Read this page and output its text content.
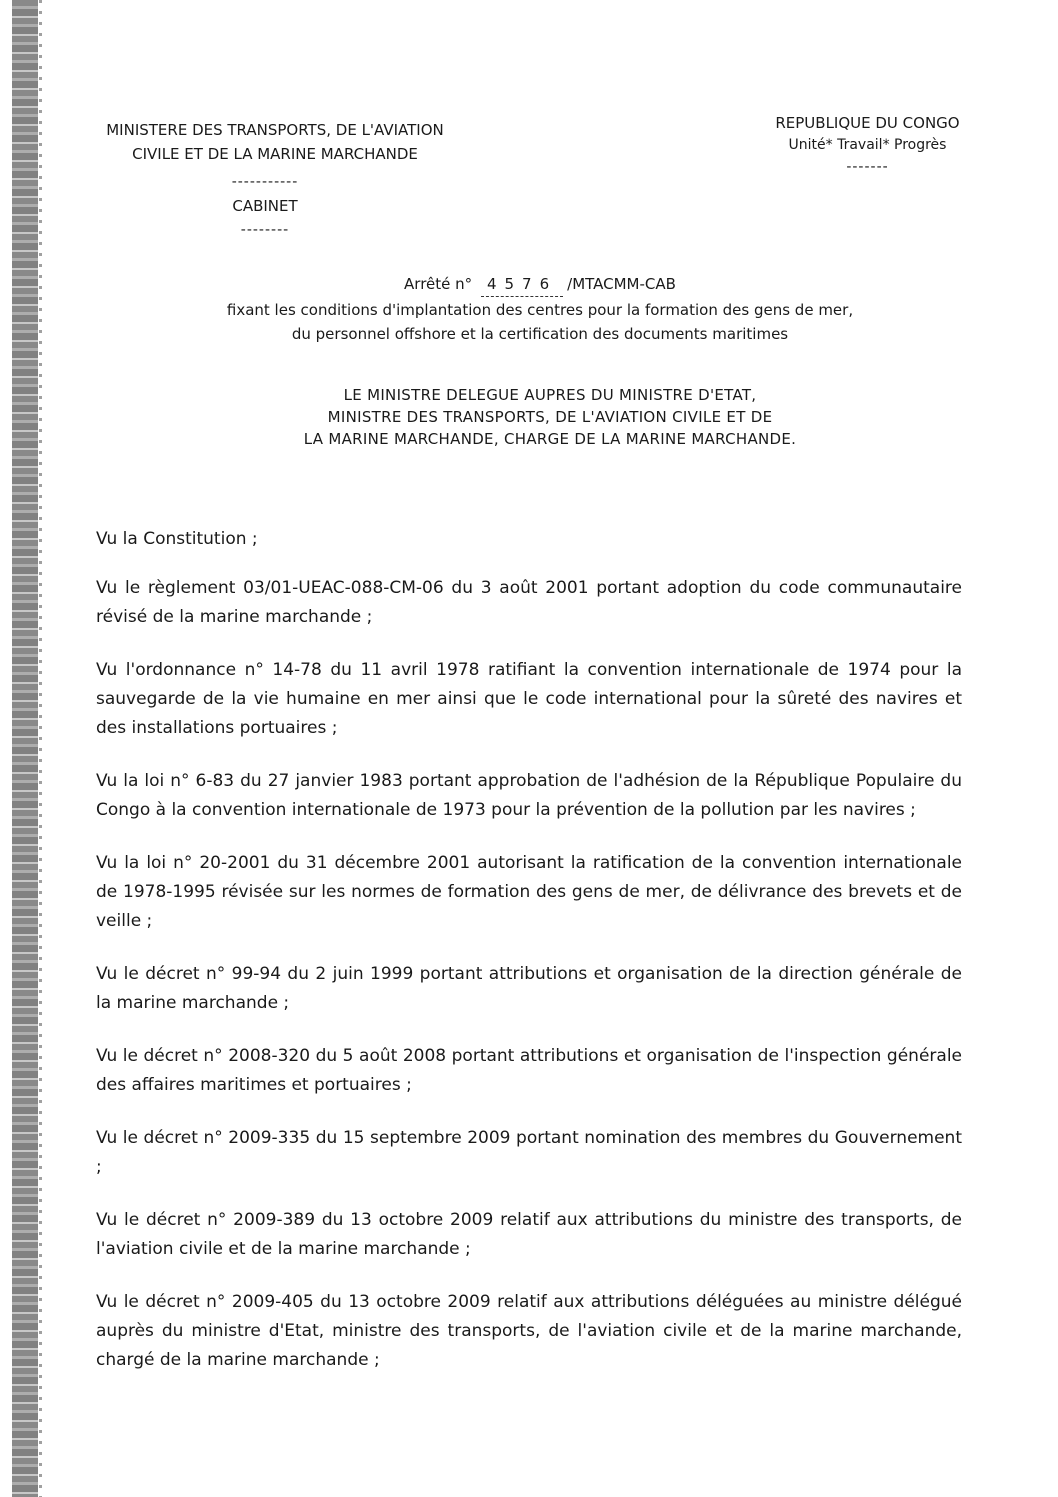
MINISTERE DES TRANSPORTS, DE L'AVIATION
CIVILE ET DE LA MARINE MARCHANDE
-----------
CABINET
--------
REPUBLIQUE DU CONGO
Unité* Travail* Progrès
-------
Arrêté n° 4576 /MTACMM-CAB
fixant les conditions d'implantation des centres pour la formation des gens de mer,
du personnel offshore et la certification des documents maritimes
LE MINISTRE DELEGUE AUPRES DU MINISTRE D'ETAT,
MINISTRE DES TRANSPORTS, DE L'AVIATION CIVILE ET DE
LA MARINE MARCHANDE, CHARGE DE LA MARINE MARCHANDE.

Vu la Constitution ;

Vu le règlement 03/01-UEAC-088-CM-06 du 3 août 2001 portant adoption du code communautaire révisé de la marine marchande ;

Vu l'ordonnance n° 14-78 du 11 avril 1978 ratifiant la convention internationale de 1974 pour la sauvegarde de la vie humaine en mer ainsi que le code international pour la sûreté des navires et des installations portuaires ;

Vu la loi n° 6-83 du 27 janvier 1983 portant approbation de l'adhésion de la République Populaire du Congo à la convention internationale de 1973 pour la prévention de la pollution par les navires ;

Vu la loi n° 20-2001 du 31 décembre 2001 autorisant la ratification de la convention internationale de 1978-1995 révisée sur les normes de formation des gens de mer, de délivrance des brevets et de veille ;

Vu le décret n° 99-94 du 2 juin 1999 portant attributions et organisation de la direction générale de la marine marchande ;

Vu le décret n° 2008-320 du 5 août 2008 portant attributions et organisation de l'inspection générale des affaires maritimes et portuaires ;

Vu le décret n° 2009-335 du 15 septembre 2009 portant nomination des membres du Gouvernement ;

Vu le décret n° 2009-389 du 13 octobre 2009 relatif aux attributions du ministre des transports, de l'aviation civile et de la marine marchande ;

Vu le décret n° 2009-405 du 13 octobre 2009 relatif aux attributions déléguées au ministre délégué auprès du ministre d'Etat, ministre des transports, de l'aviation civile et de la marine marchande, chargé de la marine marchande ;
